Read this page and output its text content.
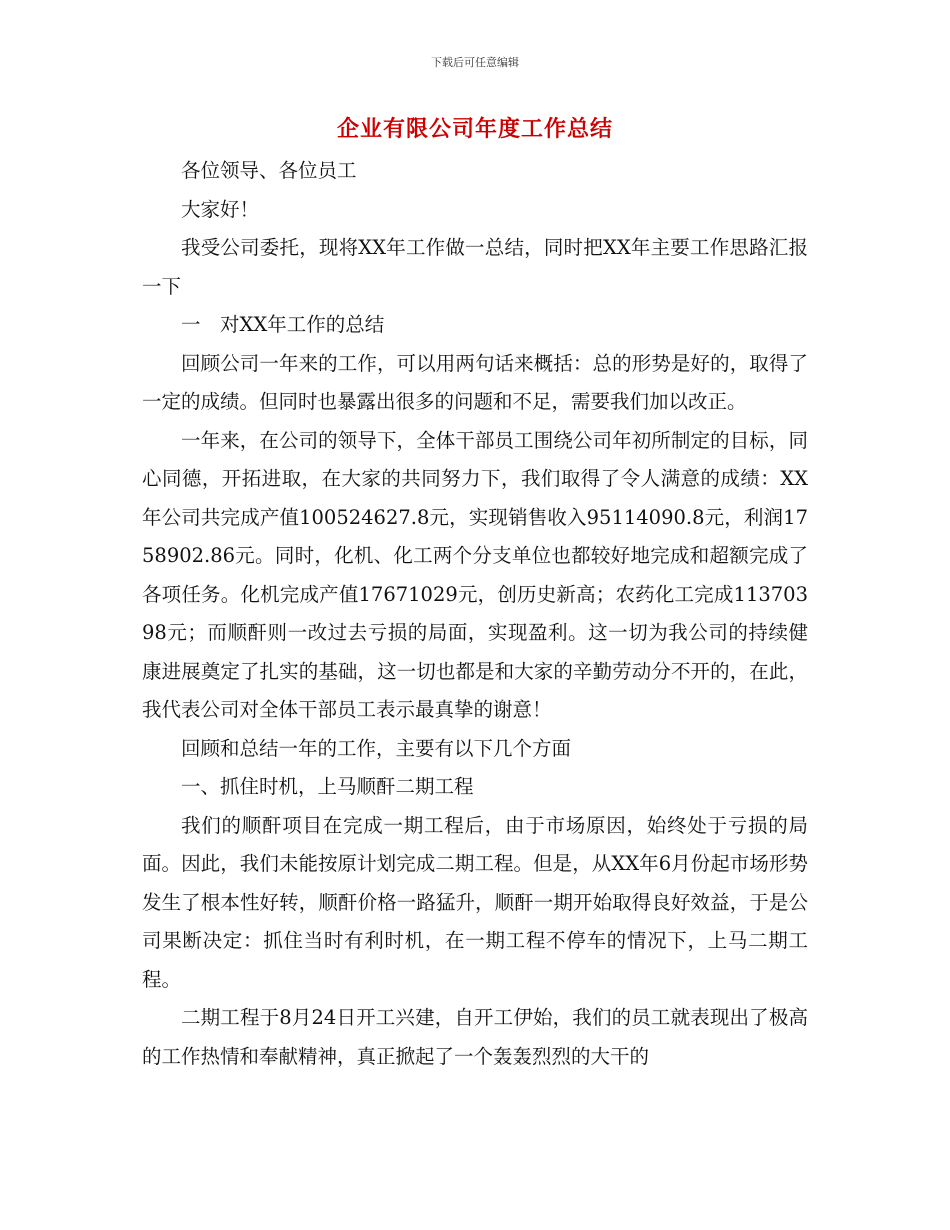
下载后可任意编辑
企业有限公司年度工作总结

各位领导、各位员工

大家好！

我受公司委托，现将XX年工作做一总结，同时把XX年主要工作思路汇报一下

一　对XX年工作的总结

回顾公司一年来的工作，可以用两句话来概括：总的形势是好的，取得了一定的成绩。但同时也暴露出很多的问题和不足，需要我们加以改正。

一年来，在公司的领导下，全体干部员工围绕公司年初所制定的目标，同心同德，开拓进取，在大家的共同努力下，我们取得了令人满意的成绩：XX年公司共完成产值100524627.8元，实现销售收入95114090.8元，利润1758902.86元。同时，化机、化工两个分支单位也都较好地完成和超额完成了各项任务。化机完成产值17671029元，创历史新高；农药化工完成11370398元；而顺酐则一改过去亏损的局面，实现盈利。这一切为我公司的持续健康进展奠定了扎实的基础，这一切也都是和大家的辛勤劳动分不开的，在此，我代表公司对全体干部员工表示最真挚的谢意！

回顾和总结一年的工作，主要有以下几个方面

一、抓住时机，上马顺酐二期工程

我们的顺酐项目在完成一期工程后，由于市场原因，始终处于亏损的局面。因此，我们未能按原计划完成二期工程。但是，从XX年6月份起市场形势发生了根本性好转，顺酐价格一路猛升，顺酐一期开始取得良好效益，于是公司果断决定：抓住当时有利时机，在一期工程不停车的情况下，上马二期工程。

二期工程于8月24日开工兴建，自开工伊始，我们的员工就表现出了极高的工作热情和奉献精神，真正掀起了一个轰轰烈烈的大干的
